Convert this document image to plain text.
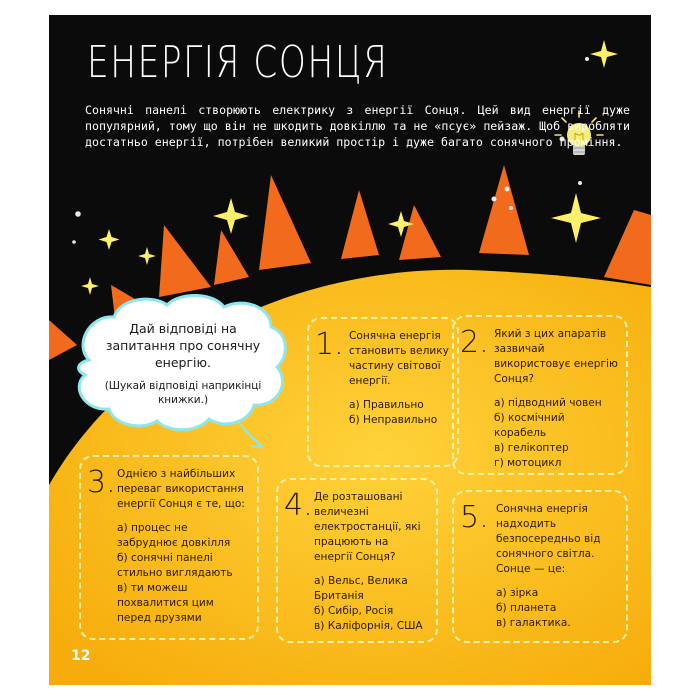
ЕНЕРГІЯ СОНЦЯ
Сонячні панелі створюють електрику з енергії Сонця. Цей вид енергії дуже популярний, тому що він не шкодить довкіллю та не «псує» пейзаж. Щоб виробляти достатньо енергії, потрібен великий простір і дуже багато сонячного проміння.
Дай відповіді на запитання про сонячну енергію.
(Шукай відповіді наприкінці книжки.)
1. Сонячна енергія становить велику частину світової енергії.
а) Правильно
б) Неправильно
2. Який з цих апаратів зазвичай використовує енергію Сонця?
а) підводний човен
б) космічний корабель
в) гелікоптер
г) мотоцикл
3. Однією з найбільших переваг використання енергії Сонця є те, що:
а) процес не забруднює довкілля
б) сонячні панелі стильно виглядають
в) ти можеш похвалитися цим перед друзями
4. Де розташовані величезні електростанції, які працюють на енергії Сонця?
а) Вельс, Велика Британія
б) Сибір, Росія
в) Каліфорнія, США
5. Сонячна енергія надходить безпосередньо від сонячного світла. Сонце — це:
а) зірка
б) планета
в) галактика.
12
